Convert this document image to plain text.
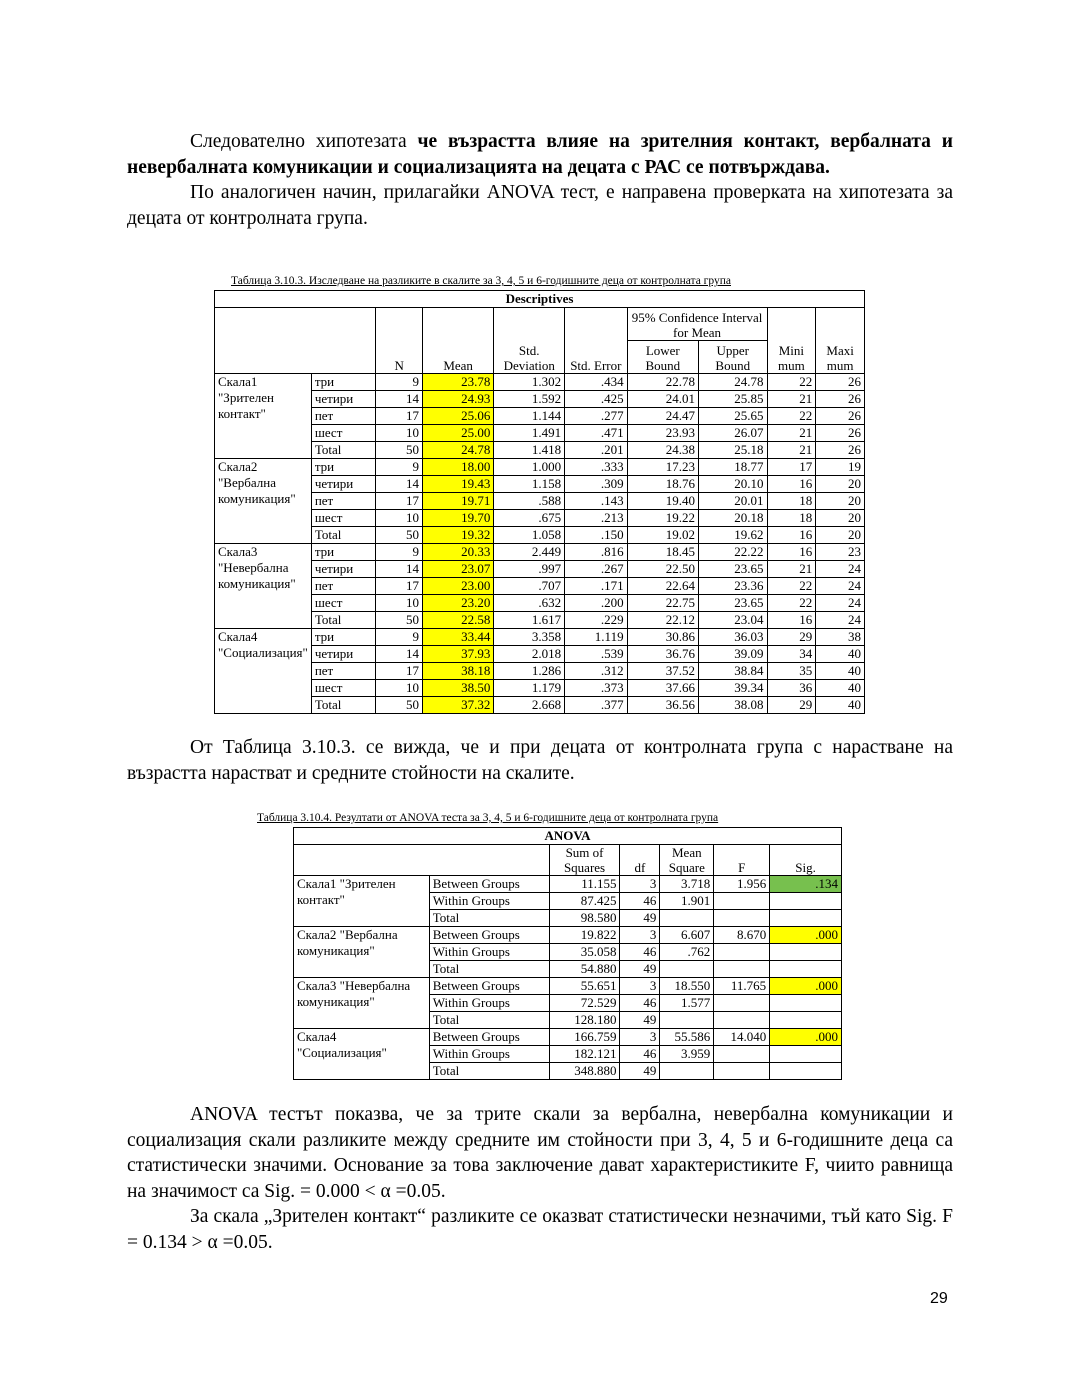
Следователно хипотезата че възрастта влияе на зрителния контакт, вербалната и невербалната комуникации и социализацията на децата с РАС се потвърждава.

По аналогичен начин, прилагайки ANOVA тест, е направена проверката на хипотезата за децата от контролната група.

Таблица 3.10.3. Изследване на разликите в скалите за 3, 4, 5 и 6-годишните деца от контролната група
Descriptives									
		N	Mean	Std. Deviation	Std. Error	95% Confidence Interval for Mean		Mini mum	Maxi mum

						Lower Bound	Upper Bound		

Скала1 "Зрителен контакт"	три	9	23.78	1.302	.434	22.78	24.78	22	26
	четири	14	24.93	1.592	.425	24.01	25.85	21	26
	пет	17	25.06	1.144	.277	24.47	25.65	22	26
	шест	10	25.00	1.491	.471	23.93	26.07	21	26
	Total	50	24.78	1.418	.201	24.38	25.18	21	26
Скала2 "Вербална комуникация"	три	9	18.00	1.000	.333	17.23	18.77	17	19
	четири	14	19.43	1.158	.309	18.76	20.10	16	20
	пет	17	19.71	.588	.143	19.40	20.01	18	20
	шест	10	19.70	.675	.213	19.22	20.18	18	20
	Total	50	19.32	1.058	.150	19.02	19.62	16	20
Скала3 "Невербална комуникация"	три	9	20.33	2.449	.816	18.45	22.22	16	23
	четири	14	23.07	.997	.267	22.50	23.65	21	24
	пет	17	23.00	.707	.171	22.64	23.36	22	24
	шест	10	23.20	.632	.200	22.75	23.65	22	24
	Total	50	22.58	1.617	.229	22.12	23.04	16	24
Скала4 "Социализация"	три	9	33.44	3.358	1.119	30.86	36.03	29	38
	четири	14	37.93	2.018	.539	36.76	39.09	34	40
	пет	17	38.18	1.286	.312	37.52	38.84	35	40
	шест	10	38.50	1.179	.373	37.66	39.34	36	40
	Total	50	37.32	2.668	.377	36.56	38.08	29	40

От Таблица 3.10.3. се вижда, че и при децата от контролната група с нарастване на възрастта нарастват и средните стойности на скалите.

Таблица 3.10.4. Резултати от ANOVA теста за 3, 4, 5 и 6-годишните деца от контролната група
ANOVA						
		Sum of Squares	df	Mean Square	F	Sig.

Скала1 "Зрителен контакт"	Between Groups	11.155	3	3.718	1.956	.134
	Within Groups	87.425	46	1.901		
	Total	98.580	49			
Скала2 "Вербална комуникация"	Between Groups	19.822	3	6.607	8.670	.000
	Within Groups	35.058	46	.762		
	Total	54.880	49			
Скала3 "Невербална комуникация"	Between Groups	55.651	3	18.550	11.765	.000
	Within Groups	72.529	46	1.577		
	Total	128.180	49			
Скала4 "Социализация"	Between Groups	166.759	3	55.586	14.040	.000
	Within Groups	182.121	46	3.959		
	Total	348.880	49			

ANOVA тестът показва, че за трите скали за вербална, невербална комуникации и социализация скали разликите между средните им стойности при 3, 4, 5 и 6-годишните деца са статистически значими. Основание за това заключение дават характеристиките F, чиито равнища на значимост са Sig. = 0.000 < α =0.05.

За скала „Зрителен контакт“ разликите се оказват статистически незначими, тъй като Sig. F = 0.134 > α =0.05.

29
